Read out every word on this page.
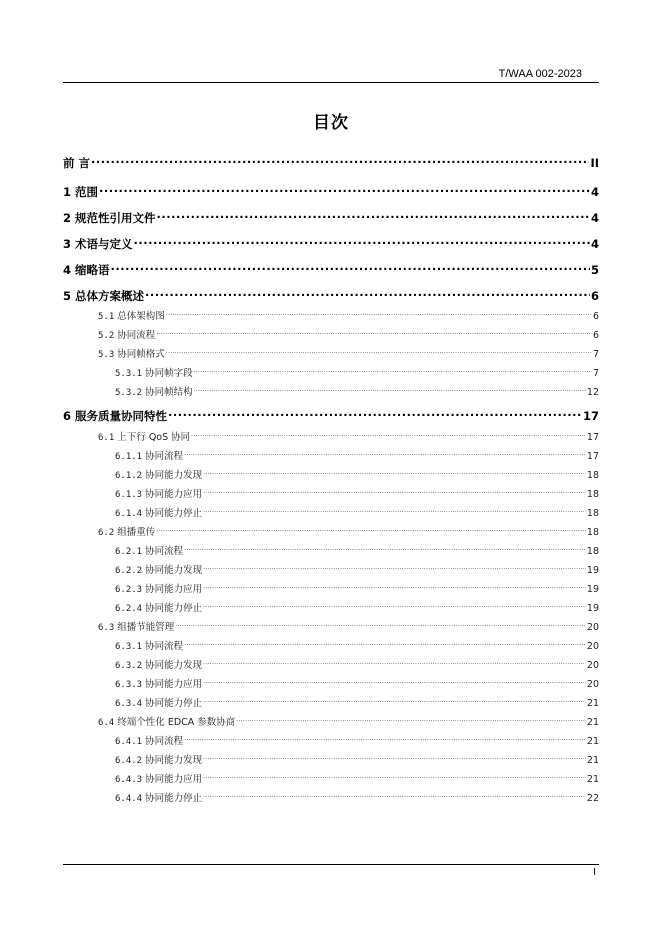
T/WAA 002-2023
目次
前 言 .....	II
1 范围 .....	4
2 规范性引用文件 .....	4
3 术语与定义 .....	4
4 缩略语 .....	5
5 总体方案概述 .....	6
5.1 总体架构图 .....	6
5.2 协同流程 .....	6
5.3 协同帧格式 .....	7
5.3.1 协同帧字段 .....	7
5.3.2 协同帧结构 .....	12
6 服务质量协同特性 .....	17
6.1 上下行 QoS 协同 .....	17
6.1.1 协同流程 .....	17
6.1.2 协同能力发现 .....	18
6.1.3 协同能力应用 .....	18
6.1.4 协同能力停止 .....	18
6.2 组播重传 .....	18
6.2.1 协同流程 .....	18
6.2.2 协同能力发现 .....	19
6.2.3 协同能力应用 .....	19
6.2.4 协同能力停止 .....	19
6.3 组播节能管理 .....	20
6.3.1 协同流程 .....	20
6.3.2 协同能力发现 .....	20
6.3.3 协同能力应用 .....	20
6.3.4 协同能力停止 .....	21
6.4 终端个性化 EDCA 参数协商 .....	21
6.4.1 协同流程 .....	21
6.4.2 协同能力发现 .....	21
6.4.3 协同能力应用 .....	21
6.4.4 协同能力停止 .....	22
I
